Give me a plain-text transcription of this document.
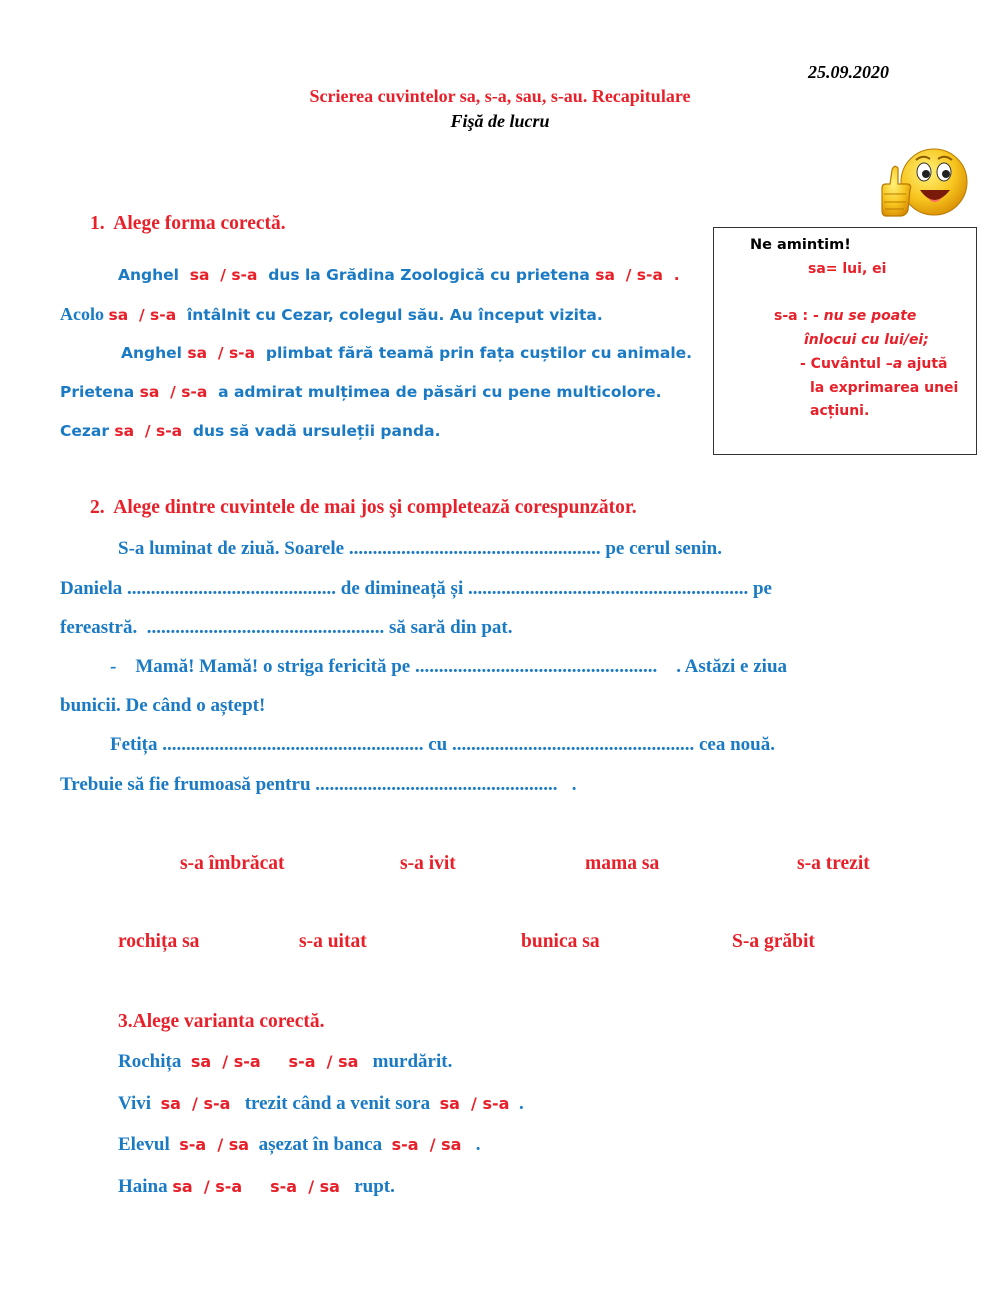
25.09.2020
Scrierea cuvintelor sa, s-a, sau, s-au. Recapitulare
Fişă de lucru
1.  Alege forma corectă.
Anghel  sa  / s-a  dus la Grădina Zoologică cu prietena sa  / s-a  .
Acolo sa  / s-a  întâlnit cu Cezar, colegul său. Au început vizita.
Anghel sa  / s-a  plimbat fără teamă prin fața cuștilor cu animale.
Prietena sa  / s-a  a admirat mulțimea de păsări cu pene multicolore.
Cezar sa  / s-a  dus să vadă ursuleții panda.
Ne amintim!
sa= lui, ei
s-a : - nu se poate
înlocui cu lui/ei;
- Cuvântul –a ajută
la exprimarea unei
acțiuni.
2.  Alege dintre cuvintele de mai jos şi completează corespunzător.
S-a luminat de ziuă. Soarele ..................................................... pe cerul senin.
Daniela ............................................ de dimineață și ........................................................... pe
fereastră.  .................................................. să sară din pat.
-    Mamă! Mamă! o striga fericită pe ...................................................    . Astăzi e ziua
bunicii. De când o aștept!
Fetița ....................................................... cu ................................................... cea nouă.
Trebuie să fie frumoasă pentru ...................................................   .
s-a îmbrăcat	s-a ivit	mama sa	s-a trezit
rochița sa	s-a uitat	bunica sa	S-a grăbit
3.Alege varianta corectă.
Rochița  sa  / s-a s-a  / sa   murdărit.
Vivi  sa  / s-a   trezit când a venit sora  sa  / s-a  .
Elevul  s-a  / sa  așezat în banca  s-a  / sa   .
Haina sa  / s-a s-a  / sa   rupt.
